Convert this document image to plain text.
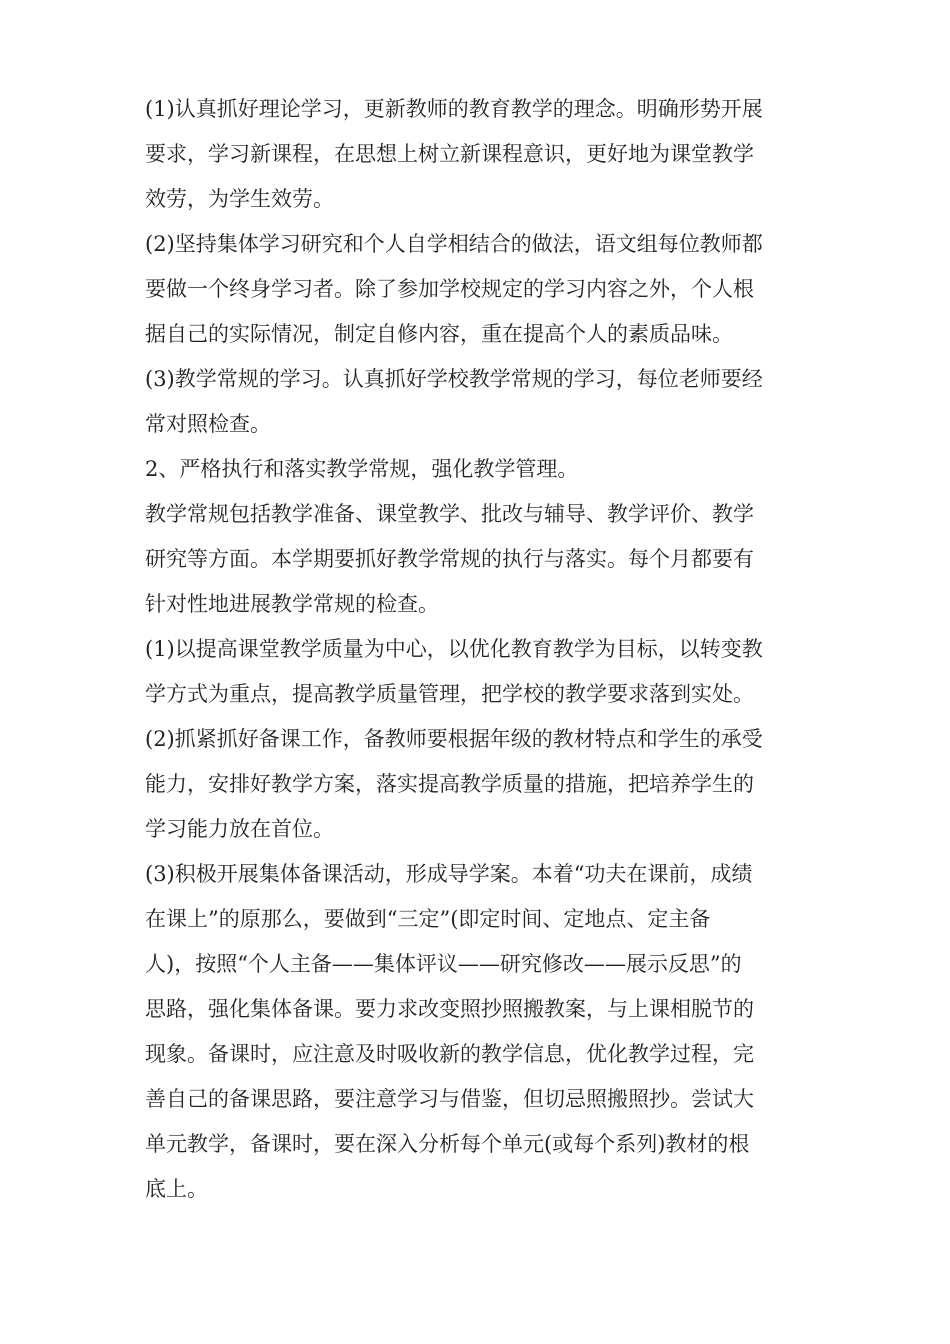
(1)认真抓好理论学习，更新教师的教育教学的理念。明确形势开展
要求，学习新课程，在思想上树立新课程意识，更好地为课堂教学
效劳，为学生效劳。

(2)坚持集体学习研究和个人自学相结合的做法，语文组每位教师都
要做一个终身学习者。除了参加学校规定的学习内容之外，个人根
据自己的实际情况，制定自修内容，重在提高个人的素质品味。

(3)教学常规的学习。认真抓好学校教学常规的学习，每位老师要经
常对照检查。

2、严格执行和落实教学常规，强化教学管理。

教学常规包括教学准备、课堂教学、批改与辅导、教学评价、教学
研究等方面。本学期要抓好教学常规的执行与落实。每个月都要有
针对性地进展教学常规的检查。

(1)以提高课堂教学质量为中心，以优化教育教学为目标，以转变教
学方式为重点，提高教学质量管理，把学校的教学要求落到实处。

(2)抓紧抓好备课工作，备教师要根据年级的教材特点和学生的承受
能力，安排好教学方案，落实提高教学质量的措施，把培养学生的
学习能力放在首位。

(3)积极开展集体备课活动，形成导学案。本着“功夫在课前，成绩
在课上”的原那么，要做到“三定”(即定时间、定地点、定主备
人)，按照“个人主备——集体评议——研究修改——展示反思”的
思路，强化集体备课。要力求改变照抄照搬教案，与上课相脱节的
现象。备课时，应注意及时吸收新的教学信息，优化教学过程，完
善自己的备课思路，要注意学习与借鉴，但切忌照搬照抄。尝试大
单元教学，备课时，要在深入分析每个单元(或每个系列)教材的根
底上。
